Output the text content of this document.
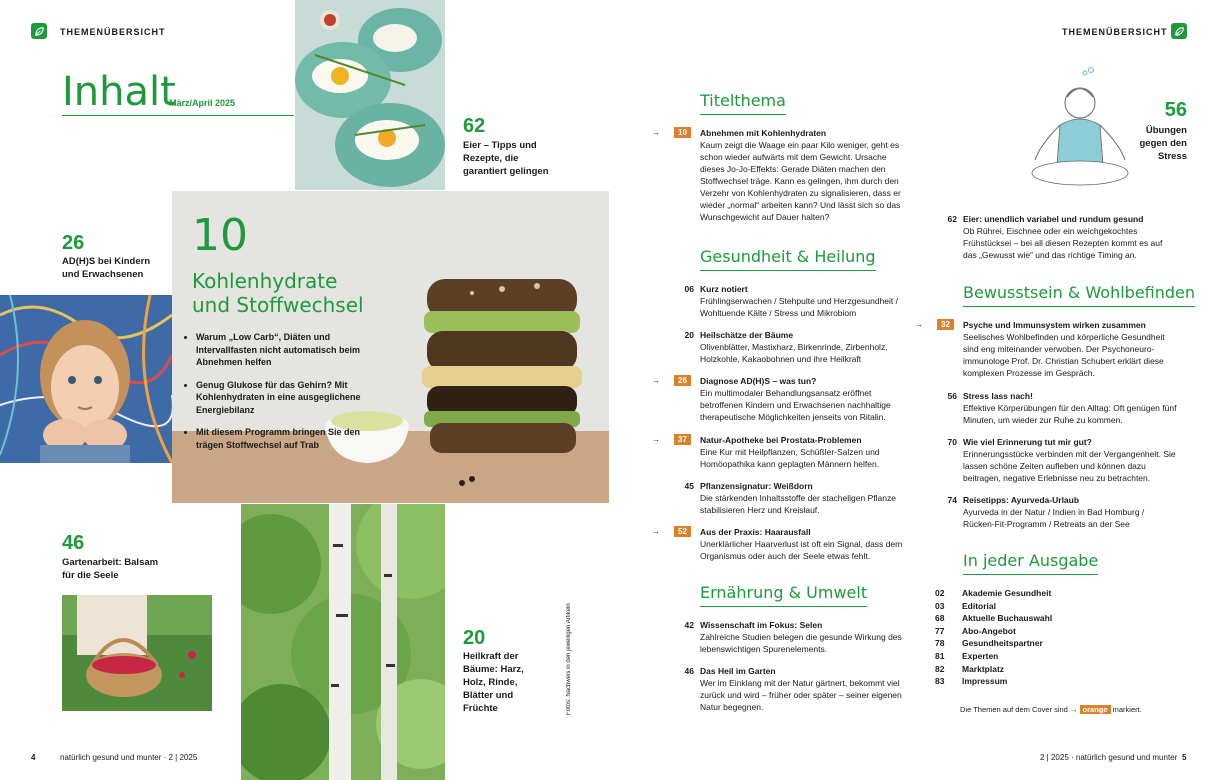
THEMENÜBERSICHT
Inhalt
März/April 2025
62
Eier – Tipps und Rezepte, die garantiert gelingen
26
AD(H)S bei Kindern und Erwachsenen
10
Kohlenhydrate
und Stoffwechsel
• Warum „Low Carb“, Diäten und Intervallfasten nicht automatisch beim Abnehmen helfen
• Genug Glukose für das Gehirn? Mit Kohlenhydraten in eine ausgeglichene Energiebilanz
• Mit diesem Programm bringen Sie den trägen Stoffwechsel auf Trab
46
Gartenarbeit: Balsam für die Seele
Fotos: Nachweis in den jeweiligen Artikeln
20
Heilkraft der Bäume: Harz, Holz, Rinde, Blätter und Früchte
4	natürlich gesund und munter · 2 | 2025
THEMENÜBERSICHT
56
Übungen gegen den Stress
Titelthema
→	10	Abnehmen mit Kohlenhydraten
Kaum zeigt die Waage ein paar Kilo weniger, geht es schon wieder aufwärts mit dem Gewicht. Ursache dieses Jo-Jo-Effekts: Gerade Diäten machen den Stoffwechsel träge. Kann es gelingen, ihm durch den Verzehr von Kohlenhydraten zu signalisieren, dass er wieder „normal“ arbeiten kann? Und lässt sich so das Wunschgewicht auf Dauer halten?
Gesundheit & Heilung
06 Kurz notiert
Frühlingserwachen / Stehpulte und Herzgesundheit / Wohltuende Kälte / Stress und Mikrobiom
20 Heilschätze der Bäume
Olivenblätter, Mastixharz, Birkenrinde, Zirbenholz, Holzkohle, Kakaobohnen und ihre Heilkraft
→	26	Diagnose AD(H)S – was tun?
Ein multimodaler Behandlungsansatz eröffnet betroffenen Kindern und Erwachsenen nachhaltige therapeutische Möglichkeiten jenseits von Ritalin.
→	37	Natur-Apotheke bei Prostata-Problemen
Eine Kur mit Heilpflanzen, Schüßler-Salzen und Homöopathika kann geplagten Männern helfen.
45 Pflanzensignatur: Weißdorn
Die stärkenden Inhaltsstoffe der stacheligen Pflanze stabilisieren Herz und Kreislauf.
→	52	Aus der Praxis: Haarausfall
Unerklärlicher Haarverlust ist oft ein Signal, dass dem Organismus oder auch der Seele etwas fehlt.
Ernährung & Umwelt
42 Wissenschaft im Fokus: Selen
Zahlreiche Studien belegen die gesunde Wirkung des lebenswichtigen Spurenelements.
46 Das Heil im Garten
Wer im Einklang mit der Natur gärtnert, bekommt viel zurück und wird – früher oder später – seiner eigenen Natur begegnen.
62 Eier: unendlich variabel und rundum gesund
Ob Rührei, Eischnee oder ein weichgekochtes Frühstücksei – bei all diesen Rezepten kommt es auf das „Gewusst wie“ und das richtige Timing an.
Bewusstsein & Wohlbefinden
→	32	Psyche und Immunsystem wirken zusammen
Seelisches Wohlbefinden und körperliche Gesundheit sind eng miteinander verwoben. Der Psychoneuro-immunologe Prof. Dr. Christian Schubert erklärt diese komplexen Prozesse im Gespräch.
56 Stress lass nach!
Effektive Körperübungen für den Alltag: Oft genügen fünf Minuten, um wieder zur Ruhe zu kommen.
70 Wie viel Erinnerung tut mir gut?
Erinnerungsstücke verbinden mit der Vergangenheit. Sie lassen schöne Zeiten aufleben und können dazu beitragen, negative Erlebnisse neu zu betrachten.
74 Reisetipps: Ayurveda-Urlaub
Ayurveda in der Natur / Indien in Bad Homburg / Rücken-Fit-Programm / Retreats an der See
In jeder Ausgabe
02 Akademie Gesundheit
03 Editorial
68 Aktuelle Buchauswahl
77 Abo-Angebot
78 Gesundheitspartner
81 Experten
82 Marktplatz
83 Impressum
Die Themen auf dem Cover sind → orange markiert.
2 | 2025 · natürlich gesund und munter 5
